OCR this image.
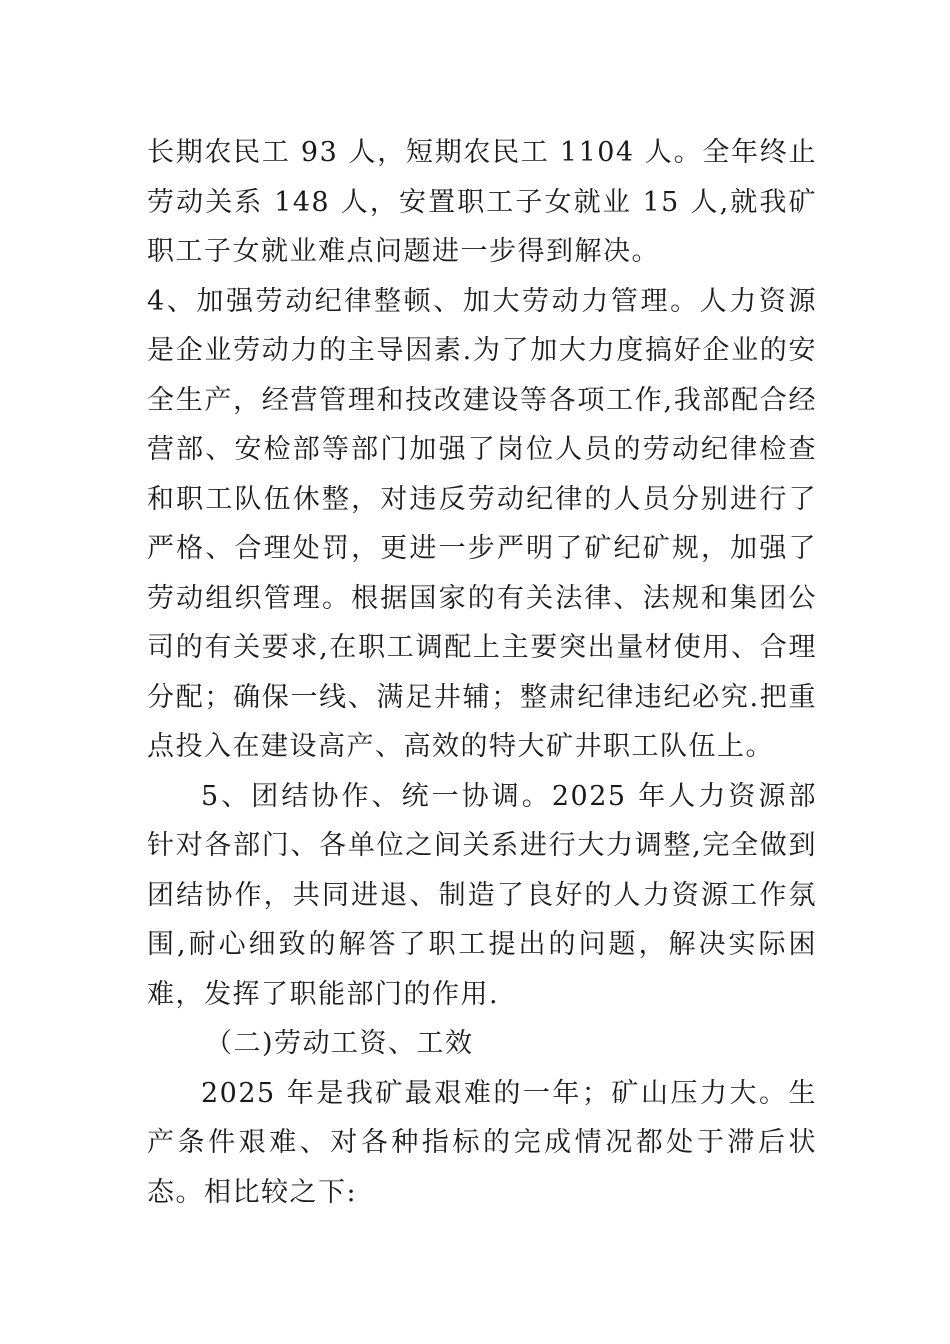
长期农民工 93 人，短期农民工 1104 人。全年终止劳动关系 148 人，安置职工子女就业 15 人,就我矿职工子女就业难点问题进一步得到解决。

4、加强劳动纪律整顿、加大劳动力管理。人力资源是企业劳动力的主导因素.为了加大力度搞好企业的安全生产，经营管理和技改建设等各项工作,我部配合经营部、安检部等部门加强了岗位人员的劳动纪律检查和职工队伍休整，对违反劳动纪律的人员分别进行了严格、合理处罚，更进一步严明了矿纪矿规，加强了劳动组织管理。根据国家的有关法律、法规和集团公司的有关要求,在职工调配上主要突出量材使用、合理分配；确保一线、满足井辅；整肃纪律违纪必究.把重点投入在建设高产、高效的特大矿井职工队伍上。

5、团结协作、统一协调。2025 年人力资源部针对各部门、各单位之间关系进行大力调整,完全做到团结协作，共同进退、制造了良好的人力资源工作氛围,耐心细致的解答了职工提出的问题，解决实际困难，发挥了职能部门的作用.

（二)劳动工资、工效

2025 年是我矿最艰难的一年；矿山压力大。生产条件艰难、对各种指标的完成情况都处于滞后状态。相比较之下:
